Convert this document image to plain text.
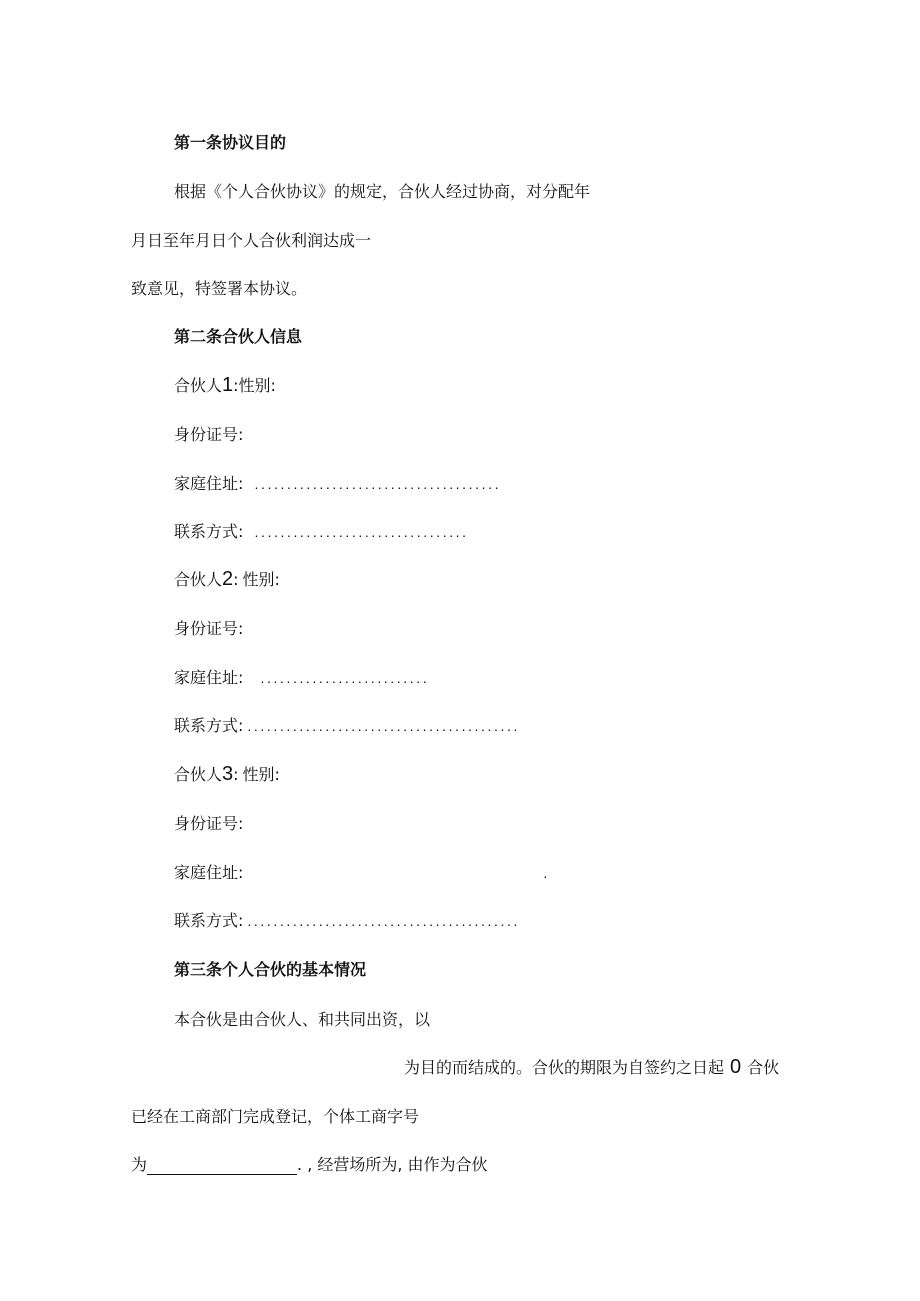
第一条协议目的
根据《个人合伙协议》的规定，合伙人经过协商，对分配年
月日至年月日个人合伙利润达成一
致意见，特签署本协议。
第二条合伙人信息
合伙人1:性别:
身份证号:
家庭住址: ......................................
联系方式: .................................
合伙人2: 性别:
身份证号:
家庭住址: ..........................
联系方式: ..........................................
合伙人3: 性别:
身份证号:
家庭住址:	.
联系方式: ..........................................
第三条个人合伙的基本情况
本合伙是由合伙人、和共同出资，以
为目的而结成的。合伙的期限为自签约之日起 0 合伙
已经在工商部门完成登记，个体工商字号
为	. , 经营场所为, 由作为合伙
